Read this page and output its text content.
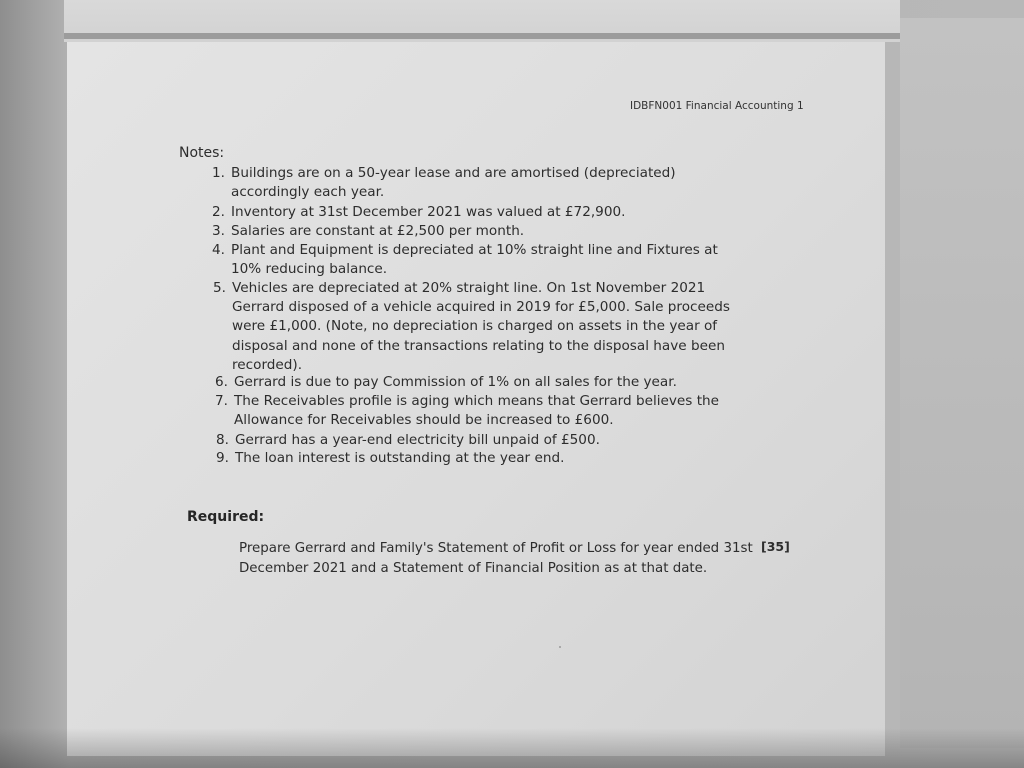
IDBFN001 Financial Accounting 1
Notes:
1. Buildings are on a 50-year lease and are amortised (depreciated) accordingly each year.
2. Inventory at 31st December 2021 was valued at £72,900.
3. Salaries are constant at £2,500 per month.
4. Plant and Equipment is depreciated at 10% straight line and Fixtures at 10% reducing balance.
5. Vehicles are depreciated at 20% straight line. On 1st November 2021 Gerrard disposed of a vehicle acquired in 2019 for £5,000. Sale proceeds were £1,000. (Note, no depreciation is charged on assets in the year of disposal and none of the transactions relating to the disposal have been recorded).
6. Gerrard is due to pay Commission of 1% on all sales for the year.
7. The Receivables profile is aging which means that Gerrard believes the Allowance for Receivables should be increased to £600.
8. Gerrard has a year-end electricity bill unpaid of £500.
9. The loan interest is outstanding at the year end.
Required:
Prepare Gerrard and Family's Statement of Profit or Loss for year ended 31st December 2021 and a Statement of Financial Position as at that date.
[35]
